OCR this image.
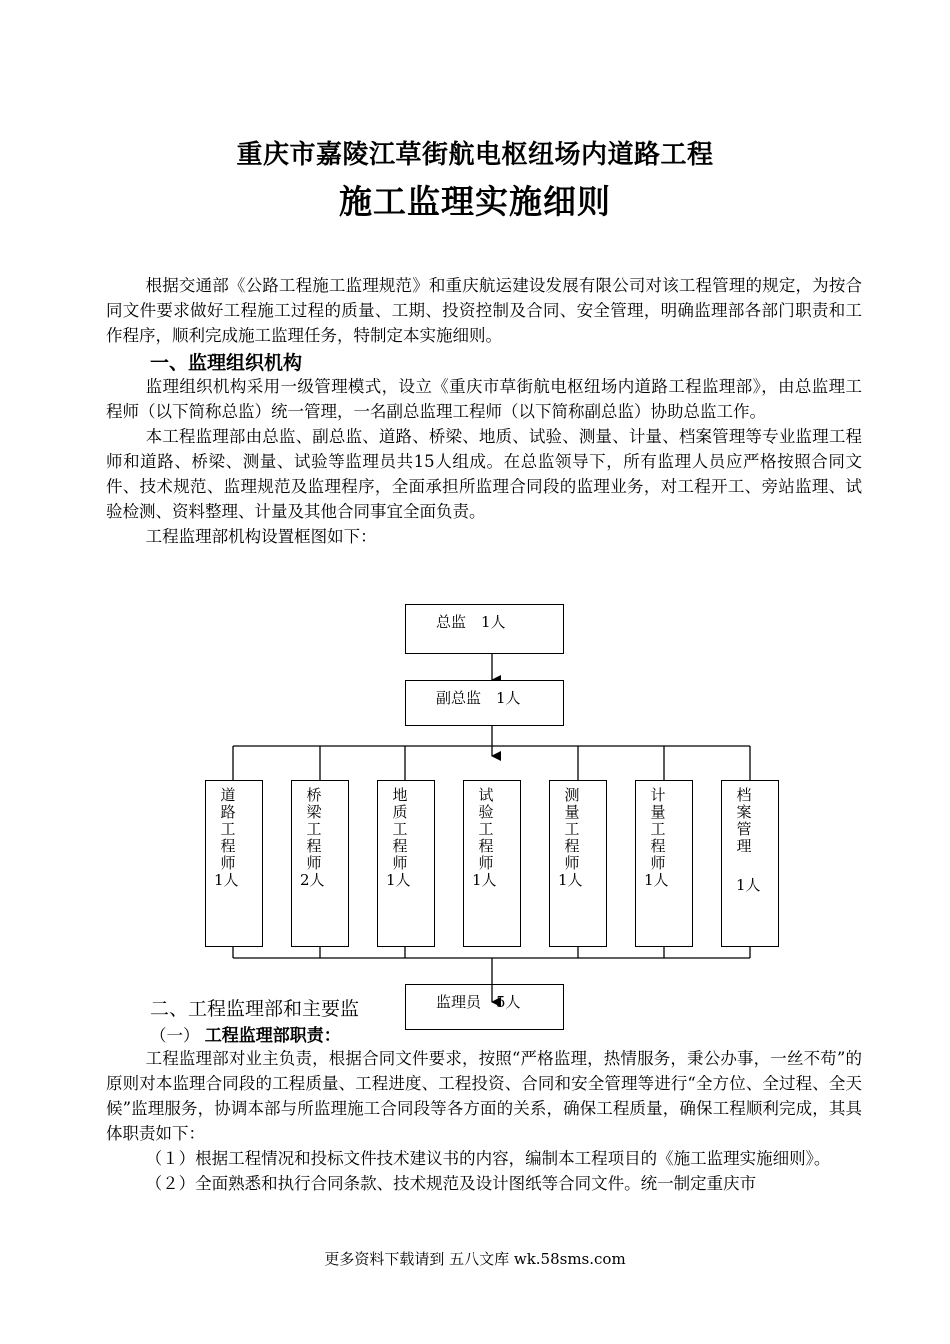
重庆市嘉陵江草街航电枢纽场内道路工程
施工监理实施细则

根据交通部《公路工程施工监理规范》和重庆航运建设发展有限公司对该工程管理的规定，为按合同文件要求做好工程施工过程的质量、工期、投资控制及合同、安全管理，明确监理部各部门职责和工作程序，顺利完成施工监理任务，特制定本实施细则。

一、监理组织机构

监理组织机构采用一级管理模式，设立《重庆市草街航电枢纽场内道路工程监理部》，由总监理工程师（以下简称总监）统一管理，一名副总监理工程师（以下简称副总监）协助总监工作。

本工程监理部由总监、副总监、道路、桥梁、地质、试验、测量、计量、档案管理等专业监理工程师和道路、桥梁、测量、试验等监理员共15人组成。在总监领导下，所有监理人员应严格按照合同文件、技术规范、监理规范及监理程序，全面承担所监理合同段的监理业务，对工程开工、旁站监理、试验检测、资料整理、计量及其他合同事宜全面负责。

工程监理部机构设置框图如下：

总监　1人
副总监　1人
道路工程师
1人
桥梁工程师
2人
地质工程师
1人
试验工程师
1人
测量工程师
1人
计量工程师
1人
档案管理
1人
二、工程监理部和主要监	监理员　5人
（一） 工程监理部职责：

工程监理部对业主负责，根据合同文件要求，按照“严格监理，热情服务，秉公办事，一丝不苟”的原则对本监理合同段的工程质量、工程进度、工程投资、合同和安全管理等进行“全方位、全过程、全天候”监理服务，协调本部与所监理施工合同段等各方面的关系，确保工程质量，确保工程顺利完成，其具体职责如下：

（１）根据工程情况和投标文件技术建议书的内容，编制本工程项目的《施工监理实施细则》。

（２）全面熟悉和执行合同条款、技术规范及设计图纸等合同文件。统一制定重庆市

更多资料下载请到 五八文库 wk.58sms.com
